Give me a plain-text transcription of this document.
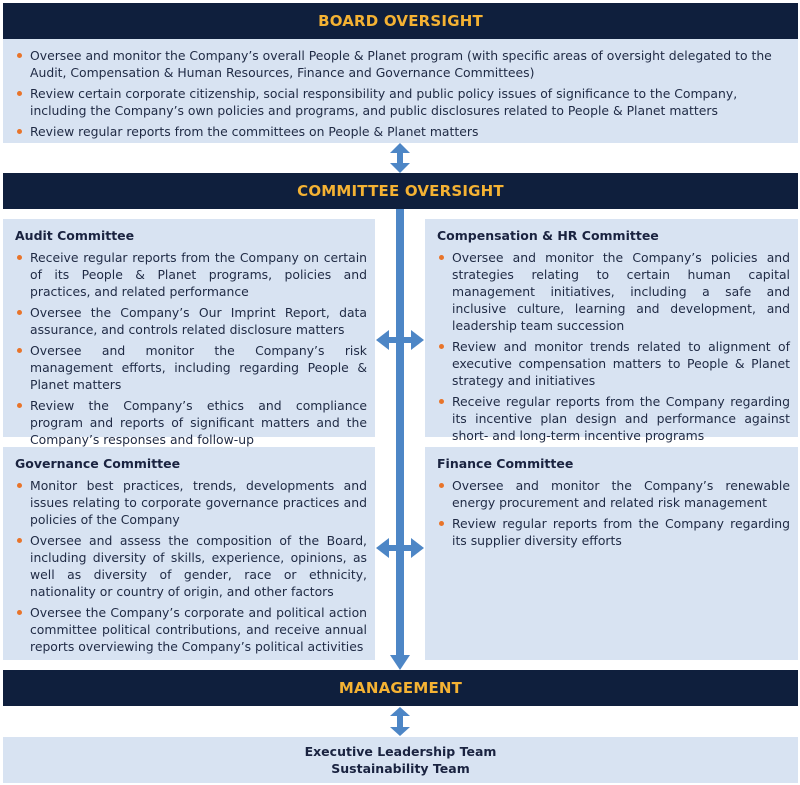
BOARD OVERSIGHT
Oversee and monitor the Company’s overall People & Planet program (with specific areas of oversight delegated to the Audit, Compensation & Human Resources, Finance and Governance Committees)
Review certain corporate citizenship, social responsibility and public policy issues of significance to the Company, including the Company’s own policies and programs, and public disclosures related to People & Planet matters
Review regular reports from the committees on People & Planet matters
COMMITTEE OVERSIGHT
Audit Committee
Receive regular reports from the Company on certain of its People & Planet programs, policies and practices, and related performance
Oversee the Company’s Our Imprint Report, data assurance, and controls related disclosure matters
Oversee and monitor the Company’s risk management efforts, including regarding People & Planet matters
Review the Company’s ethics and compliance program and reports of significant matters and the Company’s responses and follow-up
Compensation & HR Committee
Oversee and monitor the Company’s policies and strategies relating to certain human capital management initiatives, including a safe and inclusive culture, learning and development, and leadership team succession
Review and monitor trends related to alignment of executive compensation matters to People & Planet strategy and initiatives
Receive regular reports from the Company regarding its incentive plan design and performance against short- and long-term incentive programs
Governance Committee
Monitor best practices, trends, developments and issues relating to corporate governance practices and policies of the Company
Oversee and assess the composition of the Board, including diversity of skills, experience, opinions, as well as diversity of gender, race or ethnicity, nationality or country of origin, and other factors
Oversee the Company’s corporate and political action committee political contributions, and receive annual reports overviewing the Company’s political activities
Finance Committee
Oversee and monitor the Company’s renewable energy procurement and related risk management
Review regular reports from the Company regarding its supplier diversity efforts
MANAGEMENT
Executive Leadership Team
Sustainability Team
